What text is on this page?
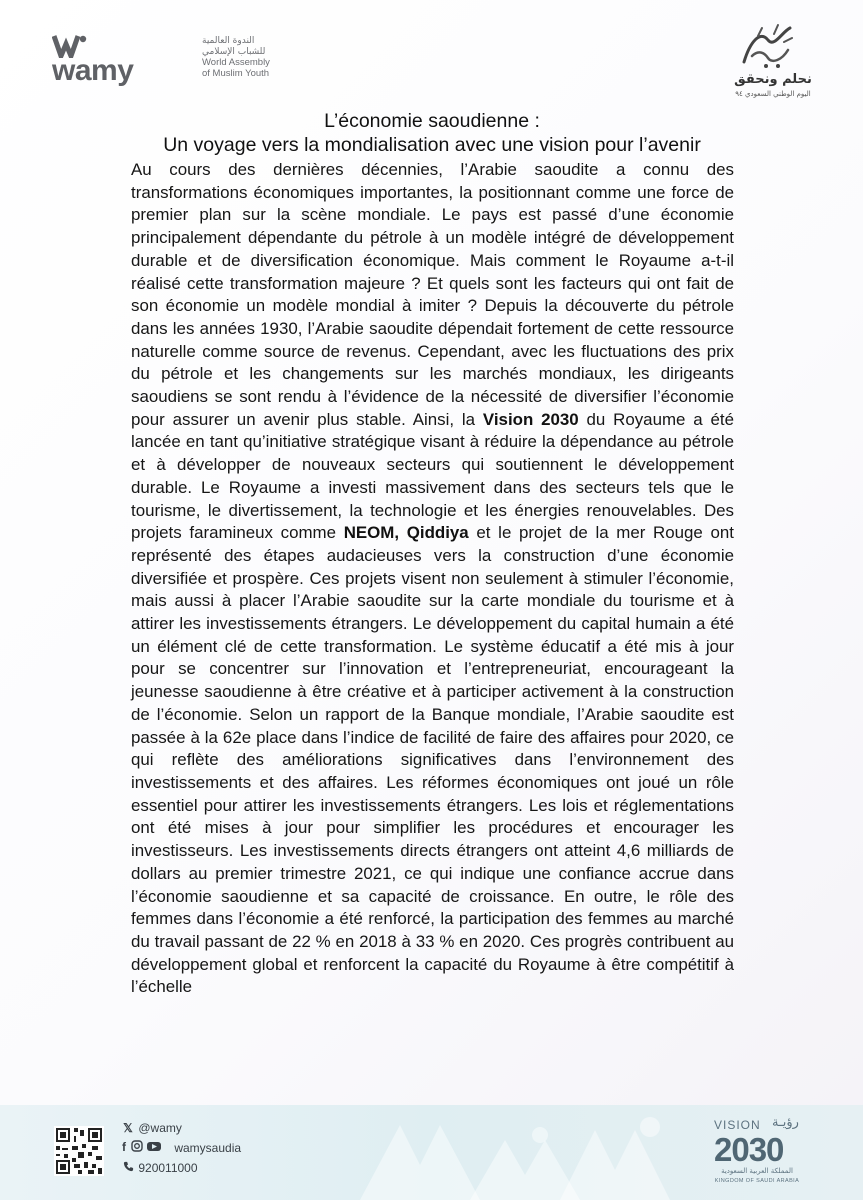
wamy
الندوة العالمية للشباب الإسلامي
World Assembly
of Muslim Youth	نحلم ونحقق
اليوم الوطني السعودي ٩٤
L’économie saoudienne :
Un voyage vers la mondialisation avec une vision pour l’avenir

Au cours des dernières décennies, l’Arabie saoudite a connu des transformations économiques importantes, la positionnant comme une force de premier plan sur la scène mondiale. Le pays est passé d’une économie principalement dépendante du pétrole à un modèle intégré de développement durable et de diversification économique. Mais comment le Royaume a-t-il réalisé cette transformation majeure ? Et quels sont les facteurs qui ont fait de son économie un modèle mondial à imiter ? Depuis la découverte du pétrole dans les années 1930, l’Arabie saoudite dépendait fortement de cette ressource naturelle comme source de revenus. Cependant, avec les fluctuations des prix du pétrole et les changements sur les marchés mondiaux, les dirigeants saoudiens se sont rendu à l’évidence de la nécessité de diversifier l’économie pour assurer un avenir plus stable. Ainsi, la Vision 2030 du Royaume a été lancée en tant qu’initiative stratégique visant à réduire la dépendance au pétrole et à développer de nouveaux secteurs qui soutiennent le développement durable. Le Royaume a investi massivement dans des secteurs tels que le tourisme, le divertissement, la technologie et les énergies renouvelables. Des projets faramineux comme NEOM, Qiddiya et le projet de la mer Rouge ont représenté des étapes audacieuses vers la construction d’une économie diversifiée et prospère. Ces projets visent non seulement à stimuler l’économie, mais aussi à placer l’Arabie saoudite sur la carte mondiale du tourisme et à attirer les investissements étrangers. Le développement du capital humain a été un élément clé de cette transformation. Le système éducatif a été mis à jour pour se concentrer sur l’innovation et l’entrepreneuriat, encourageant la jeunesse saoudienne à être créative et à participer activement à la construction de l’économie. Selon un rapport de la Banque mondiale, l’Arabie saoudite est passée à la 62e place dans l’indice de facilité de faire des affaires pour 2020, ce qui reflète des améliorations significatives dans l’environnement des investissements et des affaires. Les réformes économiques ont joué un rôle essentiel pour attirer les investissements étrangers. Les lois et réglementations ont été mises à jour pour simplifier les procédures et encourager les investisseurs. Les investissements directs étrangers ont atteint 4,6 milliards de dollars au premier trimestre 2021, ce qui indique une confiance accrue dans l’économie saoudienne et sa capacité de croissance. En outre, le rôle des femmes dans l’économie a été renforcé, la participation des femmes au marché du travail passant de 22 % en 2018 à 33 % en 2020. Ces progrès contribuent au développement global et renforcent la capacité du Royaume à être compétitif à l’échelle

𝕏 @wamy
f	wamysaudia
920011000
VISION رؤيـة
2030
المملكة العربية السعودية
KINGDOM OF SAUDI ARABIA
